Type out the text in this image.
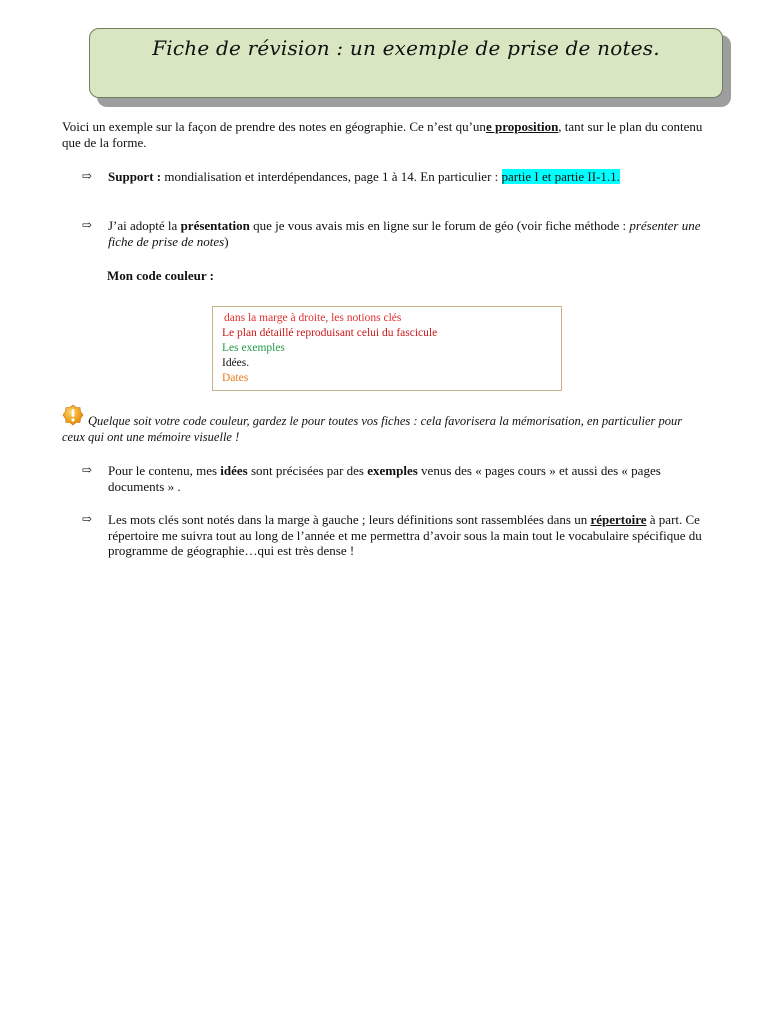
Fiche de révision : un exemple de prise de notes.
Voici un exemple sur la façon de prendre des notes en géographie. Ce n’est qu’une proposition, tant sur le plan du contenu que de la forme.
⇨	Support : mondialisation et interdépendances, page 1 à 14. En particulier : partie I et partie II-1.1.
⇨	J’ai adopté la présentation que je vous avais mis en ligne sur le forum de géo (voir fiche méthode : présenter une fiche de prise de notes)
Mon code couleur :
dans la marge à droite, les notions clés
Le plan détaillé reproduisant celui du fascicule
Les exemples
Idées.
Dates
Quelque soit votre code couleur, gardez le pour toutes vos fiches : cela favorisera la mémorisation, en particulier pour ceux qui ont une mémoire visuelle !
⇨	Pour le contenu, mes idées sont précisées par des exemples venus des « pages cours » et aussi des « pages documents » .
⇨	Les mots clés sont notés dans la marge à gauche ; leurs définitions sont rassemblées dans un répertoire à part. Ce répertoire me suivra tout au long de l’année et me permettra d’avoir sous la main tout le vocabulaire spécifique du programme de géographie…qui est très dense !
